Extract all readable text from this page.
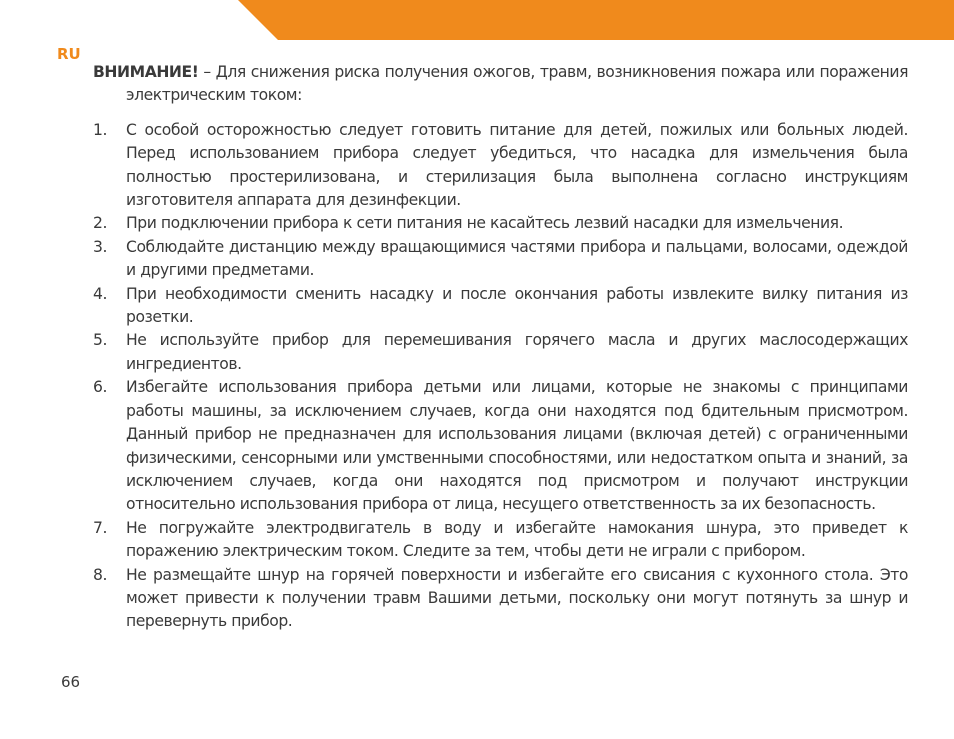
RU

ВНИМАНИЕ! – Для снижения риска получения ожогов, травм, возникновения пожара или поражения электрическим током:

1. С особой осторожностью следует готовить питание для детей, пожилых или больных людей. Перед использованием прибора следует убедиться, что насадка для измельчения была полностью простерилизована, и стерилизация была выполнена согласно инструкциям изготовителя аппарата для дезинфекции.
2. При подключении прибора к сети питания не касайтесь лезвий насадки для измельчения.
3. Соблюдайте дистанцию между вращающимися частями прибора и пальцами, волосами, одеждой и другими предметами.
4. При необходимости сменить насадку и после окончания работы извлеките вилку питания из розетки.
5. Не используйте прибор для перемешивания горячего масла и других маслосодержащих ингредиентов.
6. Избегайте использования прибора детьми или лицами, которые не знакомы с принципами работы машины, за исключением случаев, когда они находятся под бдительным присмотром. Данный прибор не предназначен для использования лицами (включая детей) с ограниченными физическими, сенсорными или умственными способностями, или недостатком опыта и знаний, за исключением случаев, когда они находятся под присмотром и получают инструкции относительно использования прибора от лица, несущего ответственность за их безопасность.
7. Не погружайте электродвигатель в воду и избегайте намокания шнура, это приведет к поражению электрическим током. Следите за тем, чтобы дети не играли с прибором.
8. Не размещайте шнур на горячей поверхности и избегайте его свисания с кухонного стола. Это может привести к получении травм Вашими детьми, поскольку они могут потянуть за шнур и перевернуть прибор.
66
